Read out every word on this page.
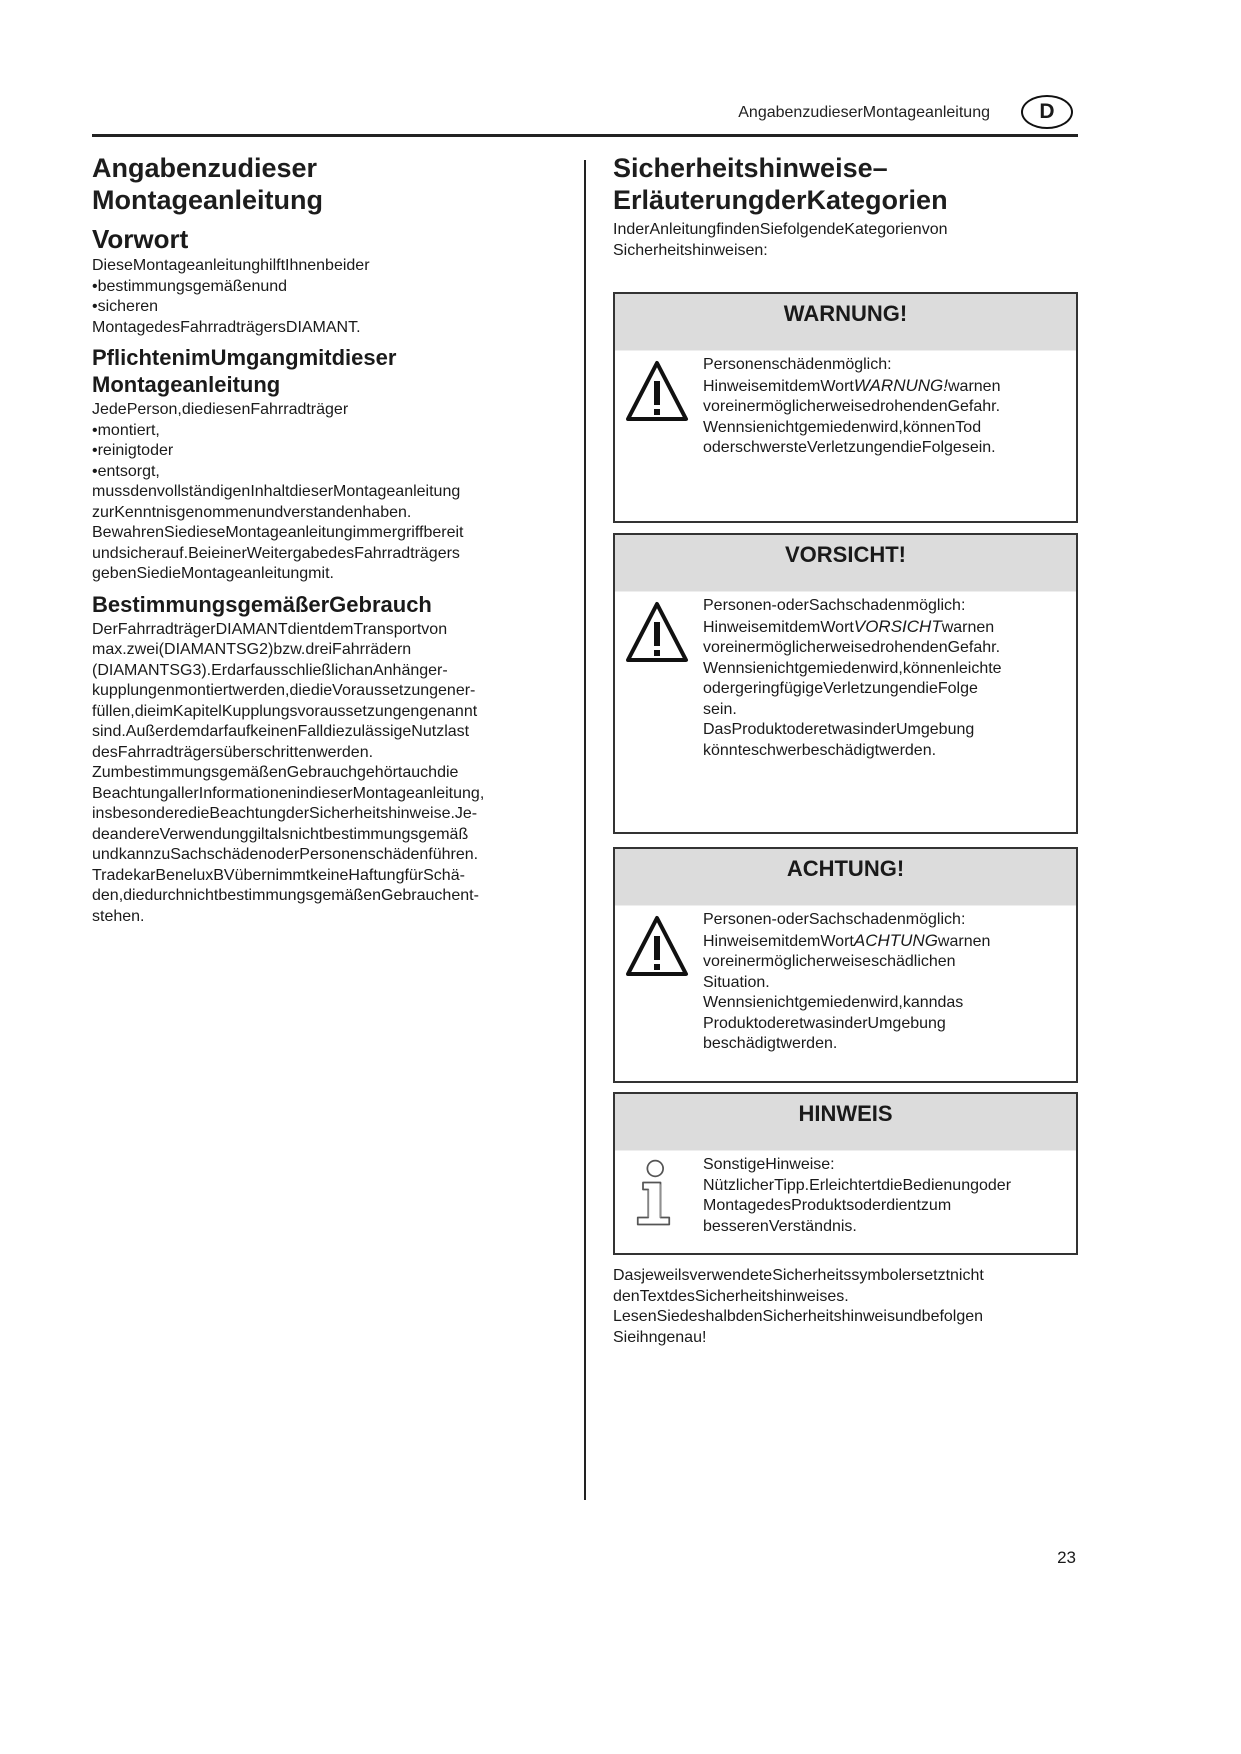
AngabenzudieserMontageanleitung	D
Angabenzudieser
Montageanleitung
Vorwort
DieseMontageanleitunghilftIhnenbeider
•bestimmungsgemäßenund
•sicheren
MontagedesFahrradträgersDIAMANT.
PflichtenimUmgangmitdieser
Montageanleitung
JedePerson,diediesenFahrradträger
•montiert,
•reinigtoder
•entsorgt,
mussdenvollständigenInhaltdieserMontageanleitung
zurKenntnisgenommenundverstandenhaben.
BewahrenSiedieseMontageanleitungimmergriffbereit
undsicherauf.BeieinerWeitergabedesFahrradträgers
gebenSiedieMontageanleitungmit.
BestimmungsgemäßerGebrauch
DerFahrradträgerDIAMANTdientdemTransportvon
max.zwei(DIAMANTSG2)bzw.dreiFahrrädern
(DIAMANTSG3).ErdarfausschließlichanAnhänger-
kupplungenmontiertwerden,diedieVoraussetzungener-
füllen,dieimKapitelKupplungsvoraussetzungengenannt
sind.AußerdemdarfaufkeinenFalldiezulässigeNutzlast
desFahrradträgersüberschrittenwerden.
ZumbestimmungsgemäßenGebrauchgehörtauchdie
BeachtungallerInformationenindieserMontageanleitung,
insbesonderedieBeachtungderSicherheitshinweise.Je-
deandereVerwendunggiltalsnichtbestimmungsgemäß
undkannzuSachschädenoderPersonenschädenführen.
TradekarBeneluxBVübernimmtkeineHaftungfürSchä-
den,diedurchnichtbestimmungsgemäßenGebrauchent-
stehen.
Sicherheitshinweise–
ErläuterungderKategorien
InderAnleitungfindenSiefolgendeKategorienvon
Sicherheitshinweisen:
WARNUNG!
Personenschädenmöglich:
HinweisemitdemWortWARNUNG!warnen
voreinermöglicherweisedrohendenGefahr.
Wennsienichtgemiedenwird,könnenTod
oderschwersteVerletzungendieFolgesein.
VORSICHT!
Personen-oderSachschadenmöglich:
HinweisemitdemWortVORSICHTwarnen
voreinermöglicherweisedrohendenGefahr.
Wennsienichtgemiedenwird,könnenleichte
odergeringfügigeVerletzungendieFolge
sein.
DasProduktoderetwasinderUmgebung
könnteschwerbeschädigtwerden.
ACHTUNG!
Personen-oderSachschadenmöglich:
HinweisemitdemWortACHTUNGwarnen
voreinermöglicherweiseschädlichen
Situation.
Wennsienichtgemiedenwird,kanndas
ProduktoderetwasinderUmgebung
beschädigtwerden.
HINWEIS
SonstigeHinweise:
NützlicherTipp.ErleichtertdieBedienungoder
MontagedesProduktsoderdientzum
besserenVerständnis.
DasjeweilsverwendeteSicherheitssymbolersetztnicht
denTextdesSicherheitshinweises.
LesenSiedeshalbdenSicherheitshinweisundbefolgen
Sieihngenau!
23
